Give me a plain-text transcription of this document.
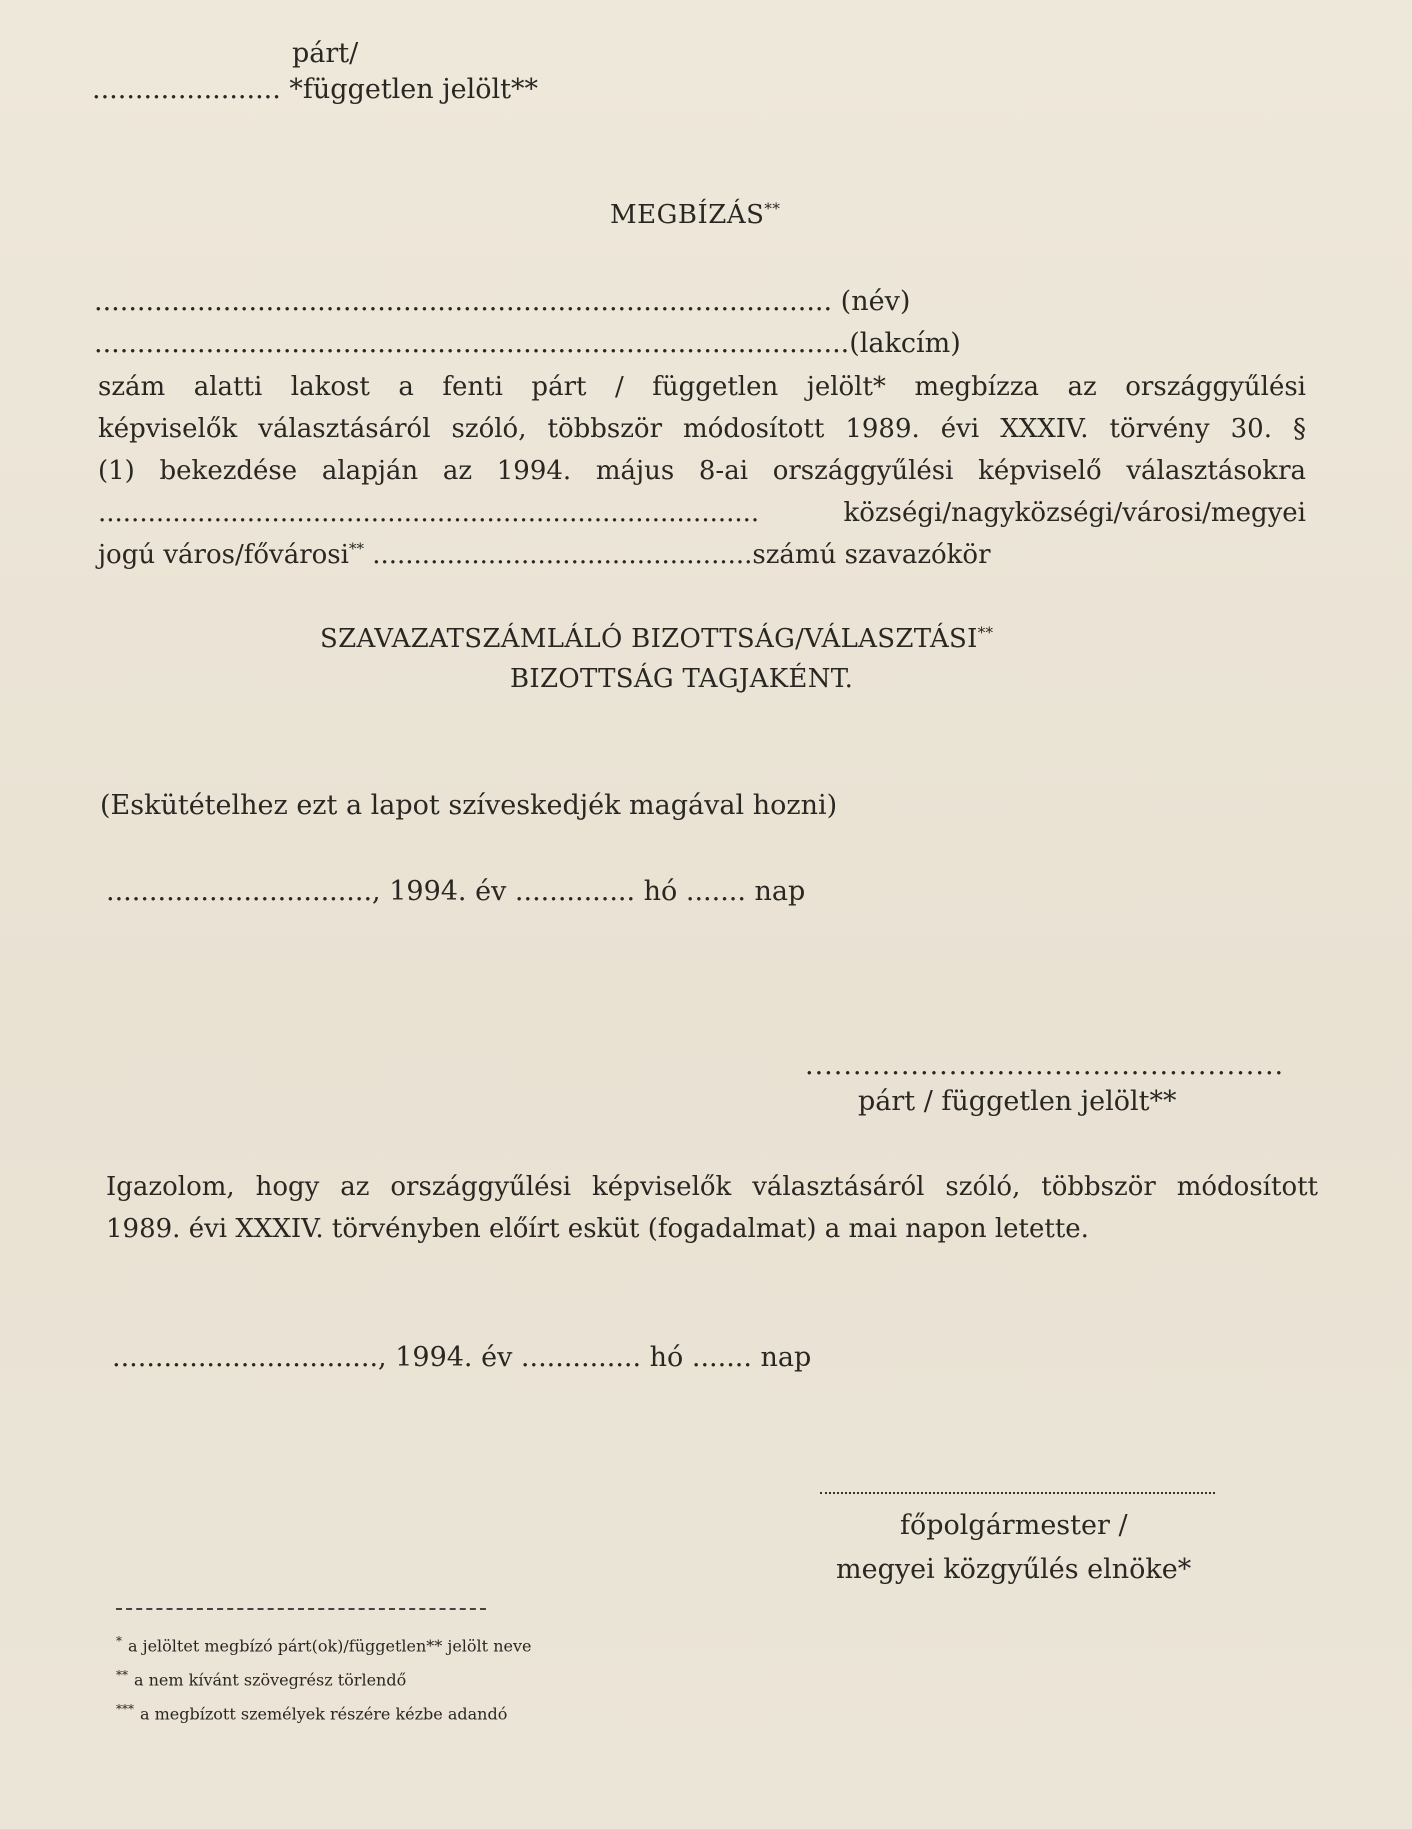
párt/
...................... *független jelölt**
MEGBÍZÁS**
...................................................................................... (név)
........................................................................................(lakcím)
szám alatti lakost a fenti párt / független jelölt* megbízza az országgyűlési
képviselők választásáról szóló, többször módosított 1989. évi XXXIV. törvény 30. §
(1) bekezdése alapján az 1994. május 8-ai országgyűlési képviselő választásokra
................................................................................	községi/nagyközségi/városi/megyei
jogú város/fővárosi** ..............................................számú szavazókör
SZAVAZATSZÁMLÁLÓ BIZOTTSÁG/VÁLASZTÁSI**
BIZOTTSÁG TAGJAKÉNT.
(Eskütételhez ezt a lapot szíveskedjék magával hozni)
..............................., 1994. év .............. hó ....... nap
..................................................
párt / független jelölt**
Igazolom, hogy az országgyűlési képviselők választásáról szóló, többször módosított
1989. évi XXXIV. törvényben előírt esküt (fogadalmat) a mai napon letette.
..............................., 1994. év .............. hó ....... nap
főpolgármester /
megyei közgyűlés elnöke*
* a jelöltet megbízó párt(ok)/független** jelölt neve
** a nem kívánt szövegrész törlendő
*** a megbízott személyek részére kézbe adandó
